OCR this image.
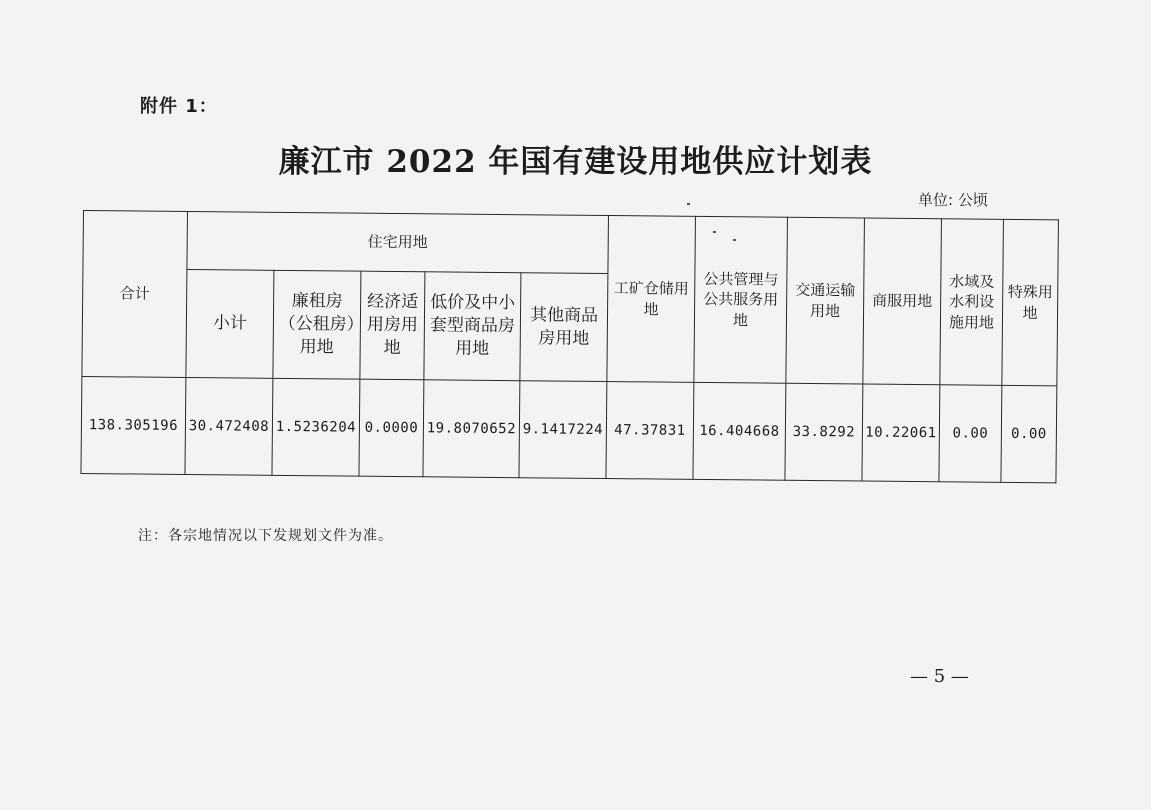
附件 1：
廉江市 2022 年国有建设用地供应计划表
单位: 公顷
合计	住宅用地					工矿仓储用地	公共管理与公共服务用地	交通运输用地	商服用地	水域及水利设施用地	特殊用地
	小计	廉租房（公租房）用地	经济适用房用地	低价及中小套型商品房用地	其他商品房用地						
138.305196	30.472408	1.5236204	0.0000	19.8070652	9.1417224	47.37831	16.404668	33.8292	10.22061	0.00	0.00
注：各宗地情况以下发规划文件为准。
— 5 —
